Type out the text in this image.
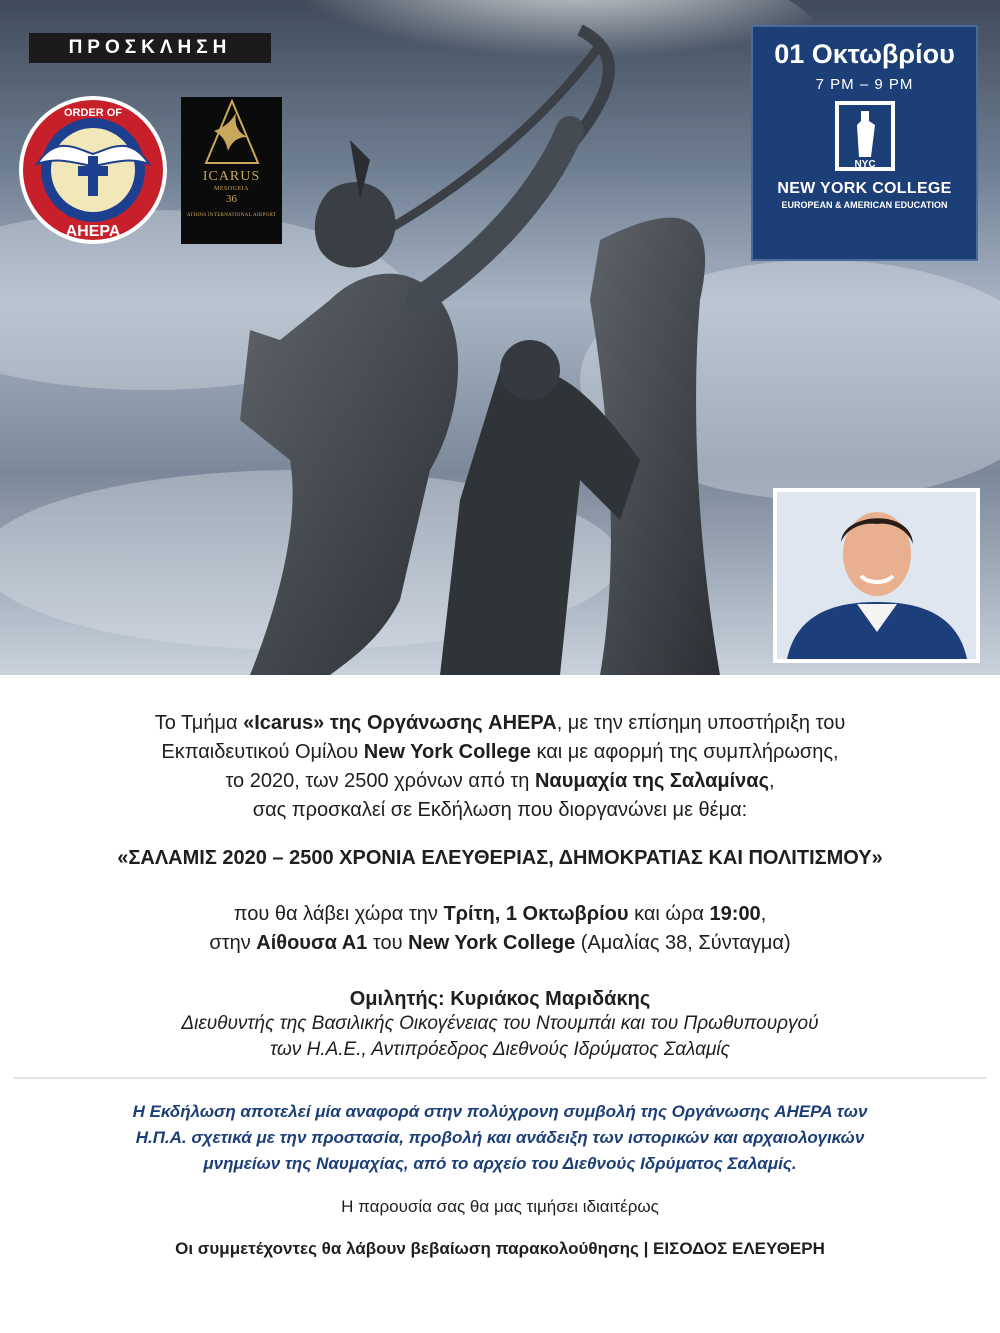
ΠΡΟΣΚΛΗΣΗ
ORDER OF
AHEPA
ICARUS
MESOGEIA
36
ATHINS INTERNATIONAL AIRPORT
01 Οκτωβρίου
7 PM – 9 PM
NYC
NEW YORK COLLEGE
EUROPEAN & AMERICAN EDUCATION
Το Τμήμα «Icarus» της Οργάνωσης AHEPA, με την επίσημη υποστήριξη του
Εκπαιδευτικού Ομίλου New York College και με αφορμή της συμπλήρωσης,
το 2020, των 2500 χρόνων από τη Ναυμαχία της Σαλαμίνας,
σας προσκαλεί σε Εκδήλωση που διοργανώνει με θέμα:
«ΣΑΛΑΜΙΣ 2020 – 2500 ΧΡΟΝΙΑ ΕΛΕΥΘΕΡΙΑΣ, ΔΗΜΟΚΡΑΤΙΑΣ ΚΑΙ ΠΟΛΙΤΙΣΜΟΥ»
που θα λάβει χώρα την Τρίτη, 1 Οκτωβρίου και ώρα 19:00,
στην Αίθουσα Α1 του New York College (Αμαλίας 38, Σύνταγμα)
Ομιλητής: Κυριάκος Μαριδάκης
Διευθυντής της Βασιλικής Οικογένειας του Ντουμπάι και του Πρωθυπουργού
των Η.Α.Ε., Αντιπρόεδρος Διεθνούς Ιδρύματος Σαλαμίς
Η Εκδήλωση αποτελεί μία αναφορά στην πολύχρονη συμβολή της Οργάνωσης AHEPA των
Η.Π.Α. σχετικά με την προστασία, προβολή και ανάδειξη των ιστορικών και αρχαιολογικών
μνημείων της Ναυμαχίας, από το αρχείο του Διεθνούς Ιδρύματος Σαλαμίς.
Η παρουσία σας θα μας τιμήσει ιδιαιτέρως
Οι συμμετέχοντες θα λάβουν βεβαίωση παρακολούθησης | ΕΙΣΟΔΟΣ ΕΛΕΥΘΕΡΗ
